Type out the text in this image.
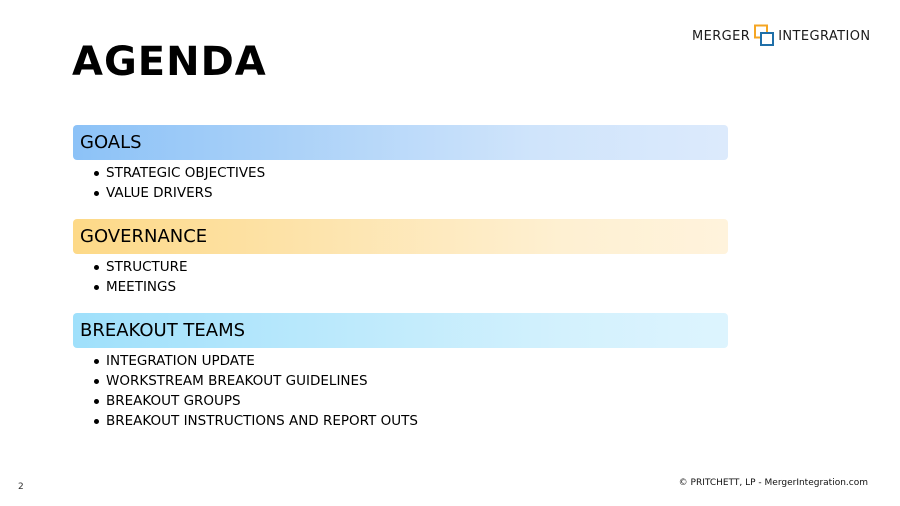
AGENDA
MERGER INTEGRATION
GOALS
STRATEGIC OBJECTIVES
VALUE DRIVERS
GOVERNANCE
STRUCTURE
MEETINGS
BREAKOUT TEAMS
INTEGRATION UPDATE
WORKSTREAM BREAKOUT GUIDELINES
BREAKOUT GROUPS
BREAKOUT INSTRUCTIONS AND REPORT OUTS
2	© PRITCHETT, LP - MergerIntegration.com
